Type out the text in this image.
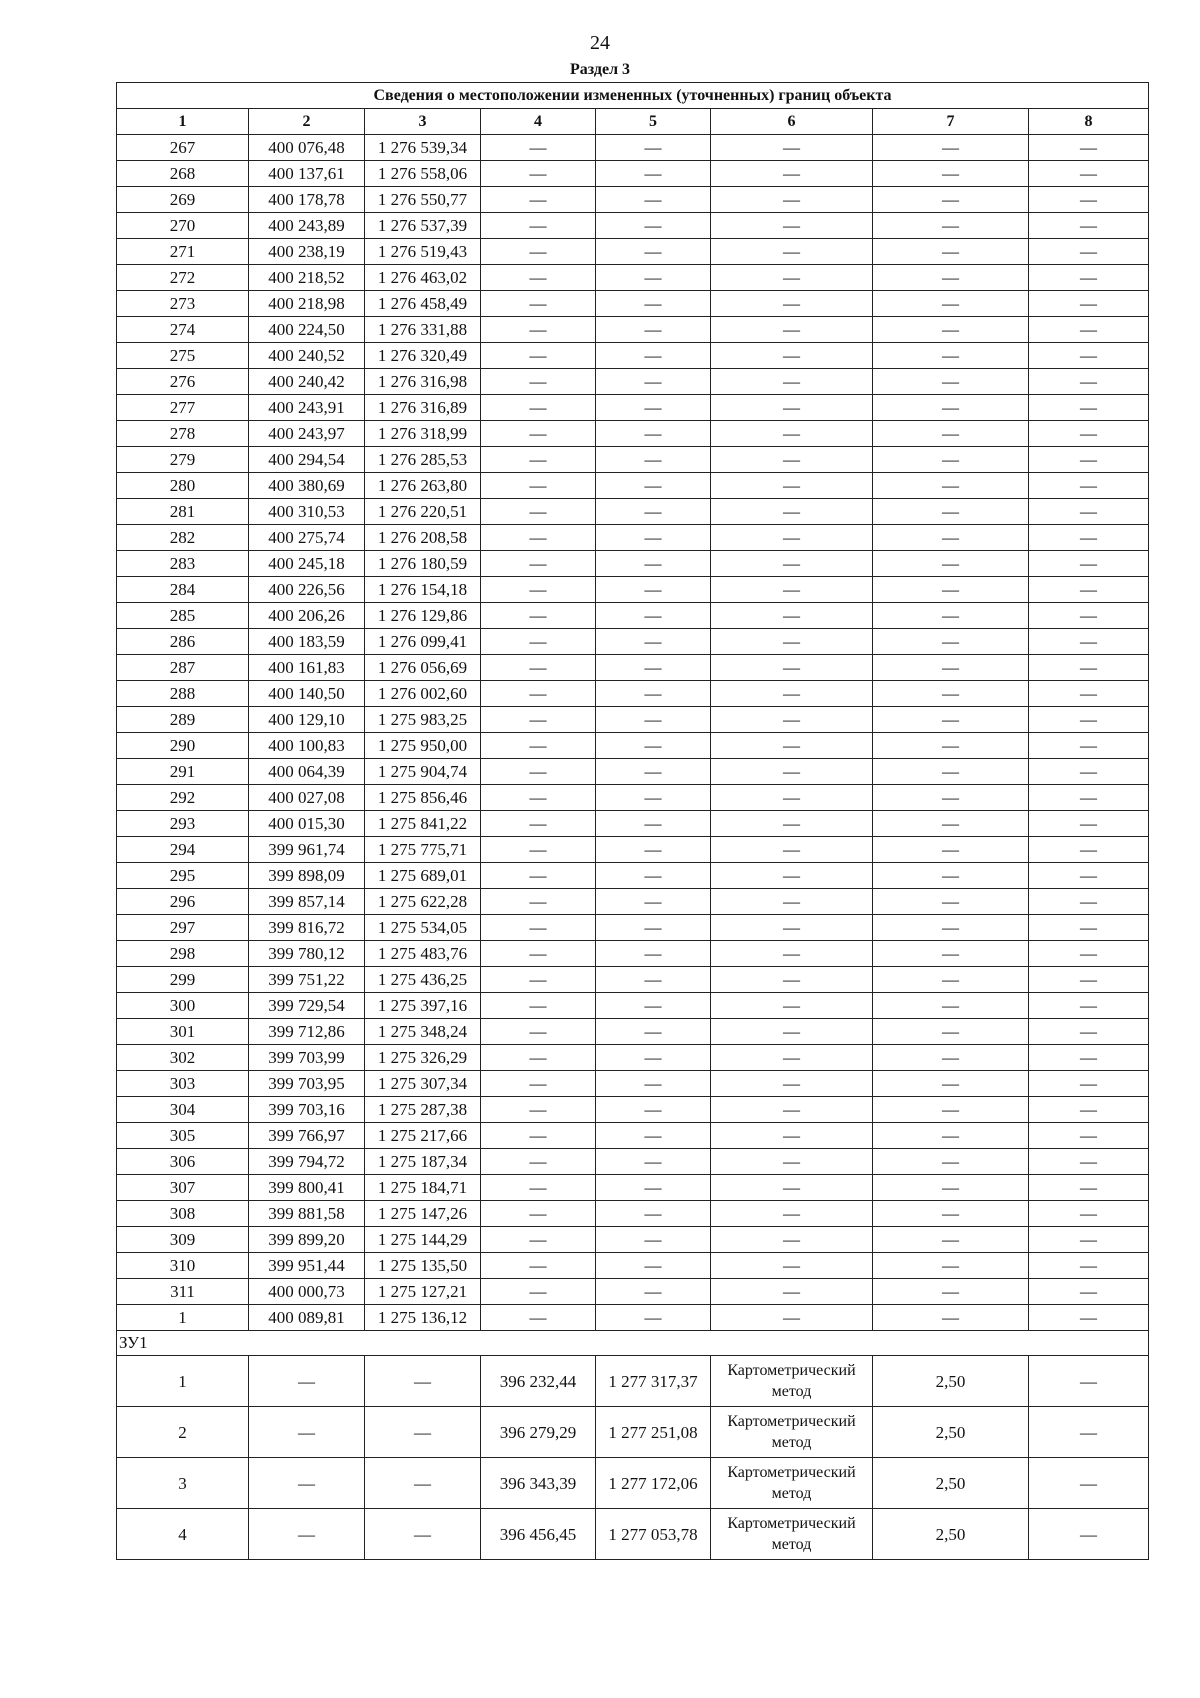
24
Раздел 3
Сведения о местоположении измененных (уточненных) границ объекта							
1	2	3	4	5	6	7	8
267	400 076,48	1 276 539,34	—	—	—	—	—
268	400 137,61	1 276 558,06	—	—	—	—	—
269	400 178,78	1 276 550,77	—	—	—	—	—
270	400 243,89	1 276 537,39	—	—	—	—	—
271	400 238,19	1 276 519,43	—	—	—	—	—
272	400 218,52	1 276 463,02	—	—	—	—	—
273	400 218,98	1 276 458,49	—	—	—	—	—
274	400 224,50	1 276 331,88	—	—	—	—	—
275	400 240,52	1 276 320,49	—	—	—	—	—
276	400 240,42	1 276 316,98	—	—	—	—	—
277	400 243,91	1 276 316,89	—	—	—	—	—
278	400 243,97	1 276 318,99	—	—	—	—	—
279	400 294,54	1 276 285,53	—	—	—	—	—
280	400 380,69	1 276 263,80	—	—	—	—	—
281	400 310,53	1 276 220,51	—	—	—	—	—
282	400 275,74	1 276 208,58	—	—	—	—	—
283	400 245,18	1 276 180,59	—	—	—	—	—
284	400 226,56	1 276 154,18	—	—	—	—	—
285	400 206,26	1 276 129,86	—	—	—	—	—
286	400 183,59	1 276 099,41	—	—	—	—	—
287	400 161,83	1 276 056,69	—	—	—	—	—
288	400 140,50	1 276 002,60	—	—	—	—	—
289	400 129,10	1 275 983,25	—	—	—	—	—
290	400 100,83	1 275 950,00	—	—	—	—	—
291	400 064,39	1 275 904,74	—	—	—	—	—
292	400 027,08	1 275 856,46	—	—	—	—	—
293	400 015,30	1 275 841,22	—	—	—	—	—
294	399 961,74	1 275 775,71	—	—	—	—	—
295	399 898,09	1 275 689,01	—	—	—	—	—
296	399 857,14	1 275 622,28	—	—	—	—	—
297	399 816,72	1 275 534,05	—	—	—	—	—
298	399 780,12	1 275 483,76	—	—	—	—	—
299	399 751,22	1 275 436,25	—	—	—	—	—
300	399 729,54	1 275 397,16	—	—	—	—	—
301	399 712,86	1 275 348,24	—	—	—	—	—
302	399 703,99	1 275 326,29	—	—	—	—	—
303	399 703,95	1 275 307,34	—	—	—	—	—
304	399 703,16	1 275 287,38	—	—	—	—	—
305	399 766,97	1 275 217,66	—	—	—	—	—
306	399 794,72	1 275 187,34	—	—	—	—	—
307	399 800,41	1 275 184,71	—	—	—	—	—
308	399 881,58	1 275 147,26	—	—	—	—	—
309	399 899,20	1 275 144,29	—	—	—	—	—
310	399 951,44	1 275 135,50	—	—	—	—	—
311	400 000,73	1 275 127,21	—	—	—	—	—
1	400 089,81	1 275 136,12	—	—	—	—	—
ЗУ1							
1	—	—	396 232,44	1 277 317,37	Картометрический метод	2,50	—
2	—	—	396 279,29	1 277 251,08	Картометрический метод	2,50	—
3	—	—	396 343,39	1 277 172,06	Картометрический метод	2,50	—
4	—	—	396 456,45	1 277 053,78	Картометрический метод	2,50	—
